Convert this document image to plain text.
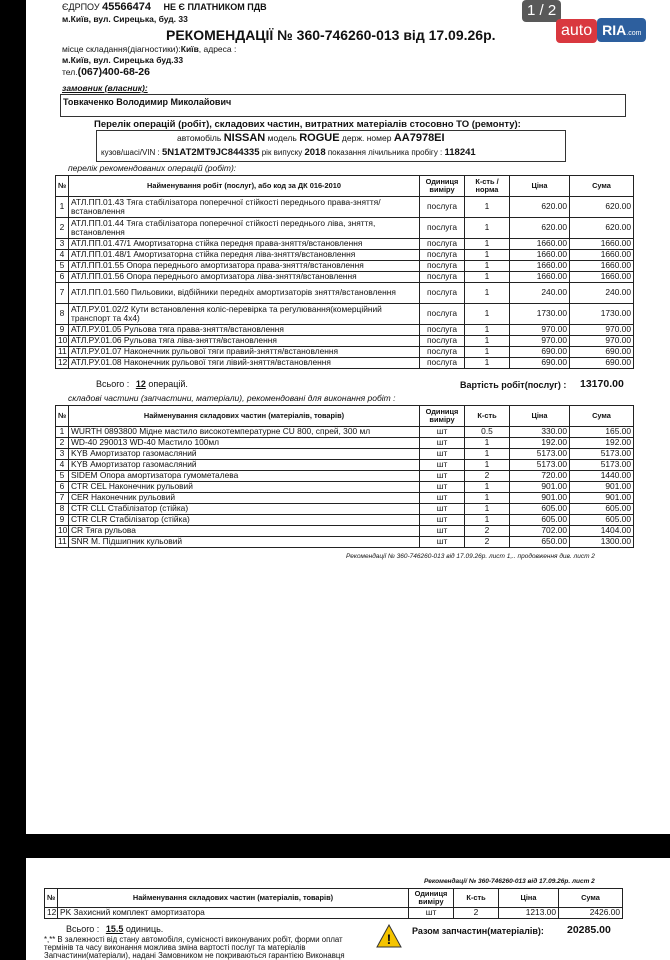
ЄДРПОУ 45566474 НЕ Є ПЛАТНИКОМ ПДВ
м.Київ, вул. Сирецька, буд. 33
РЕКОМЕНДАЦІЇ № 360-746260-013 від 17.09.26р.
місце складання(діагностики):Київ, адреса :
м.Київ, вул. Сирецька буд.33
тел.(067)400-68-26
замовник (власник):
Товкаченко Володимир Миколайович
Перелік операцій (робіт), складових частин, витратних матеріалів стосовно ТО (ремонту):
автомобіль NISSAN модель ROGUE держ. номер AA7978EI
кузов/шасі/VIN : 5N1AT2MT9JC844335 рік випуску 2018 показання лічильника пробігу : 118241
перелік рекомендованих операцій (робіт):
№	Найменування робіт (послуг), або код за ДК 016-2010	Одиниця виміру	К-сть / норма	Ціна	Сума
1	АТЛ.ПП.01.43 Тяга стабілізатора поперечної стійкості переднього права-зняття/встановлення	послуга	1	620.00	620.00
2	АТЛ.ПП.01.44 Тяга стабілізатора поперечної стійкості переднього ліва, зняття, встановлення	послуга	1	620.00	620.00
3	АТЛ.ПП.01.47/1 Амортизаторна стійка передня права-зняття/встановлення	послуга	1	1660.00	1660.00
4	АТЛ.ПП.01.48/1 Амортизаторна стійка передня ліва-зняття/встановлення	послуга	1	1660.00	1660.00
5	АТЛ.ПП.01.55 Опора переднього амортизатора права-зняття/встановлення	послуга	1	1660.00	1660.00
6	АТЛ.ПП.01.56 Опора переднього амортизатора ліва-зняття/встановлення	послуга	1	1660.00	1660.00
7	АТЛ.ПП.01.560 Пильовики, відбійники передніх амортизаторів зняття/встановлення	послуга	1	240.00	240.00
8	АТЛ.РУ.01.02/2 Кути встановлення коліс-перевірка та регулювання(комерційний транспорт та 4х4)	послуга	1	1730.00	1730.00
9	АТЛ.РУ.01.05 Рульова тяга права-зняття/встановлення	послуга	1	970.00	970.00
10	АТЛ.РУ.01.06 Рульова тяга ліва-зняття/встановлення	послуга	1	970.00	970.00
11	АТЛ.РУ.01.07 Наконечник рульової тяги правий-зняття/встановлення	послуга	1	690.00	690.00
12	АТЛ.РУ.01.08 Наконечник рульової тяги лівий-зняття/встановлення	послуга	1	690.00	690.00
Всього : 12 операцій.	Вартість робіт(послуг) : 13170.00
складові частини (запчастини, матеріали), рекомендовані для виконання робіт :
№	Найменування складових частин (матеріалів, товарів)	Одиниця виміру	К-сть	Ціна	Сума
1	WURTH 0893800 Мідне мастило високотемпературне CU 800, спрей, 300 мл	шт	0.5	330.00	165.00
2	WD-40 290013 WD-40 Мастило 100мл	шт	1	192.00	192.00
3	KYB Амортизатор газомасляний	шт	1	5173.00	5173.00
4	KYB Амортизатор газомасляний	шт	1	5173.00	5173.00
5	SIDEM Опора амортизатора гумометалева	шт	2	720.00	1440.00
6	CTR CEL Наконечник рульовий	шт	1	901.00	901.00
7	CER Наконечник рульовий	шт	1	901.00	901.00
8	CTR CLL Стабілізатор (стійка)	шт	1	605.00	605.00
9	CTR CLR Стабілізатор (стійка)	шт	1	605.00	605.00
10	CR Тяга рульова	шт	2	702.00	1404.00
11	SNR M. Підшипник кульовий	шт	2	650.00	1300.00
Рекомендації № 360-746260-013 від 17.09.26р. лист 1,.. продовження див. лист 2
Рекомендації № 360-746260-013 від 17.09.26р. лист 2
№	Найменування складових частин (матеріалів, товарів)	Одиниця виміру	К-сть	Ціна	Сума
12	PK Захисний комплект амортизатора	шт	2	1213.00	2426.00
Всього : 15.5 одиниць.
! Разом запчастин(матеріалів): 20285.00
*,** В залежності від стану автомобіля, сумісності виконуваних робіт, форми оплат
термінів та часу виконання можлива зміна вартості послуг та матеріалів
Запчастини(матеріали), надані Замовником не покриваються гарантією Виконавця
1 / 2
auto RIA.com
